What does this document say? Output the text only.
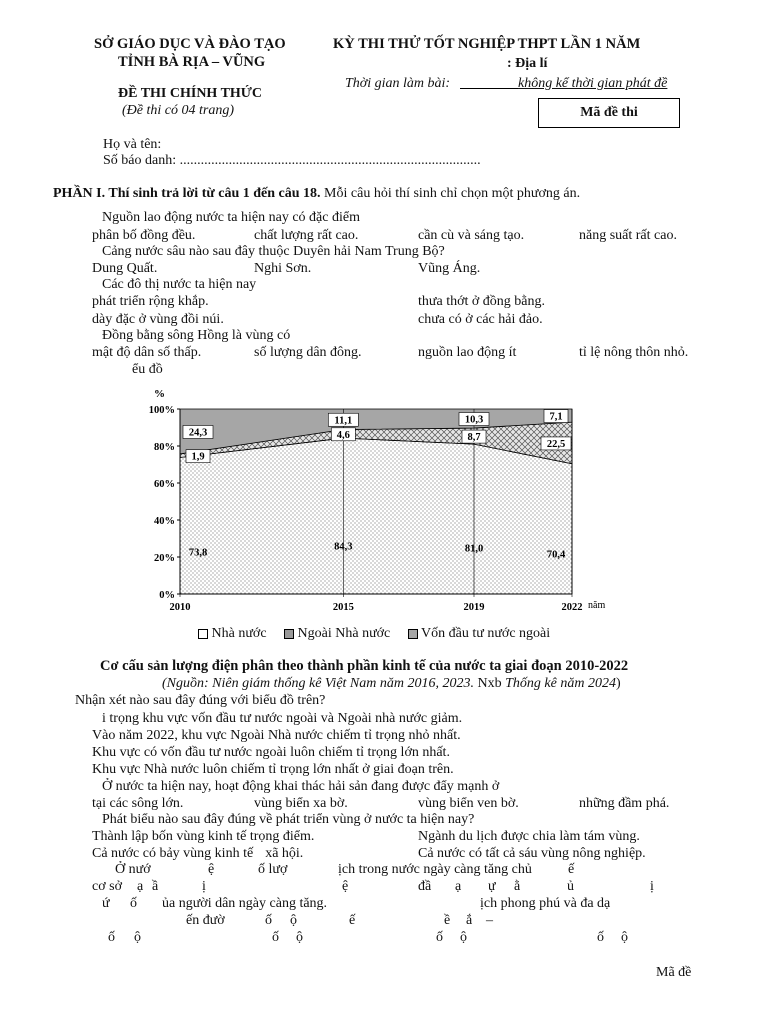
SỞ GIÁO DỤC VÀ ĐÀO TẠO
TỈNH BÀ RỊA – VŨNG
KỲ THI THỬ TỐT NGHIỆP THPT LẦN 1 NĂM
: Địa lí
Thời gian làm bài:	không kể thời gian phát đề
ĐỀ THI CHÍNH THỨC
(Đề thi có 04 trang)	Mã đề thi
Họ và tên:
Số báo danh: ......................................................................................
PHẦN I. Thí sinh trả lời từ câu 1 đến câu 18. Mỗi câu hỏi thí sinh chỉ chọn một phương án.
Nguồn lao động nước ta hiện nay có đặc điểm
phân bố đồng đều.	chất lượng rất cao.	cần cù và sáng tạo.	năng suất rất cao.
Cảng nước sâu nào sau đây thuộc Duyên hải Nam Trung Bộ?
Dung Quất.	Nghi Sơn.	Vũng Áng.
Các đô thị nước ta hiện nay
phát triển rộng khắp.	thưa thớt ở đồng bằng.
dày đặc ở vùng đồi núi.	chưa có ở các hải đảo.
Đồng bằng sông Hồng là vùng có
mật độ dân số thấp.	số lượng dân đông.	nguồn lao động ít	tỉ lệ nông thôn nhỏ.
ểu đồ
0%
20%
40%
60%
80%
100%
%
2010	2015	2019	2022 năm
73,8
84,3	81,0
70,4
1,9
4,6	8,7
22,5
24,3
11,1	10,3	7,1
Nhà nước Ngoài Nhà nước Vốn đầu tư nước ngoài
Cơ cấu sản lượng điện phân theo thành phần kinh tế của nước ta giai đoạn 2010-2022
(Nguồn: Niên giám thống kê Việt Nam năm 2016, 2023. Nxb Thống kê năm 2024)
Nhận xét nào sau đây đúng với biểu đồ trên?
i trọng khu vực vốn đầu tư nước ngoài và Ngoài nhà nước giảm.
Vào năm 2022, khu vực Ngoài Nhà nước chiếm tỉ trọng nhỏ nhất.
Khu vực có vốn đầu tư nước ngoài luôn chiếm tỉ trọng lớn nhất.
Khu vực Nhà nước luôn chiếm tỉ trọng lớn nhất ở giai đoạn trên.
Ở nước ta hiện nay, hoạt động khai thác hải sản đang được đẩy mạnh ở
tại các sông lớn.	vùng biển xa bờ.	vùng biển ven bờ.	những đầm phá.
Phát biểu nào sau đây đúng về phát triển vùng ở nước ta hiện nay?
Thành lập bốn vùng kinh tế trọng điểm.	Ngành du lịch được chia làm tám vùng.
Cả nước có bảy vùng kinh tế xã hội.	Cả nước có tất cả sáu vùng nông nghiệp.
Ở nướ	ệ	ố lượ	ịch trong nước ngày càng tăng chủ	ế
cơ sở ạ ầ	ị	ệ	đầ ạ ự ằ	ủ	ị
ứ ố ủa người dân ngày càng tăng.	ịch phong phú và đa dạ
ến đườ	ố ộ	ế	ề ắ –
ố ộ	ố ộ	ố ộ	ố ộ
Mã đề
